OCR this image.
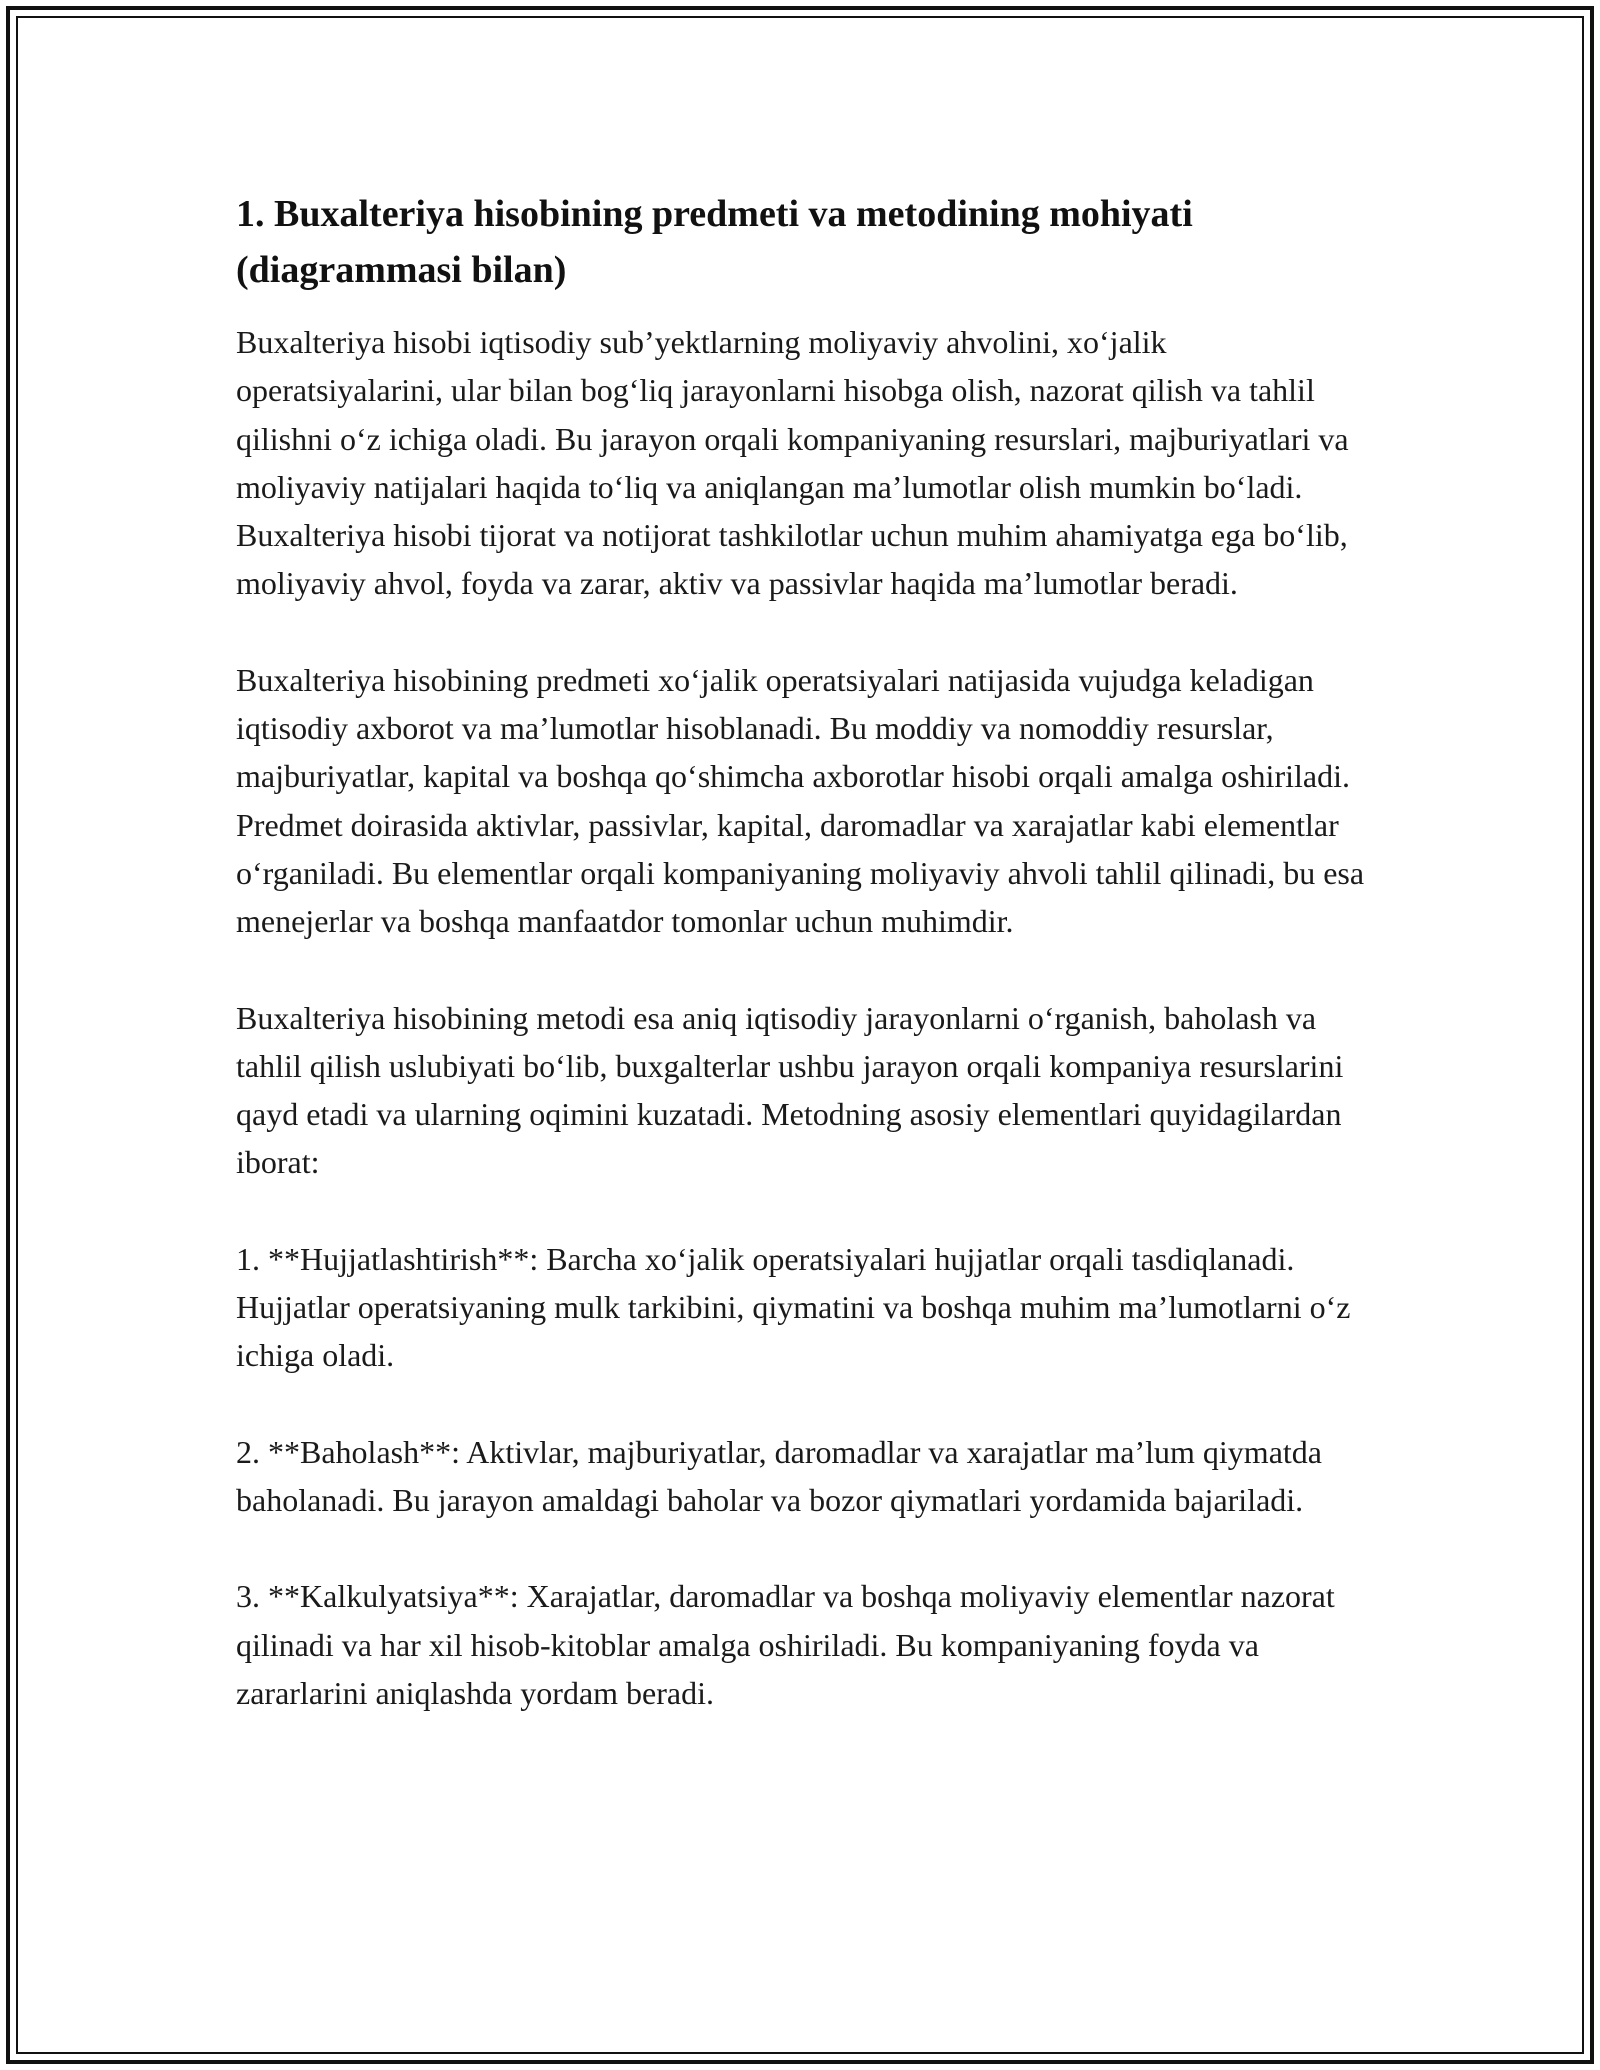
1. Buxalteriya hisobining predmeti va metodining mohiyati (diagrammasi bilan)

Buxalteriya hisobi iqtisodiy sub’yektlarning moliyaviy ahvolini, xo‘jalik operatsiyalarini, ular bilan bog‘liq jarayonlarni hisobga olish, nazorat qilish va tahlil qilishni o‘z ichiga oladi. Bu jarayon orqali kompaniyaning resurslari, majburiyatlari va moliyaviy natijalari haqida to‘liq va aniqlangan ma’lumotlar olish mumkin bo‘ladi. Buxalteriya hisobi tijorat va notijorat tashkilotlar uchun muhim ahamiyatga ega bo‘lib, moliyaviy ahvol, foyda va zarar, aktiv va passivlar haqida ma’lumotlar beradi.

Buxalteriya hisobining predmeti xo‘jalik operatsiyalari natijasida vujudga keladigan iqtisodiy axborot va ma’lumotlar hisoblanadi. Bu moddiy va nomoddiy resurslar, majburiyatlar, kapital va boshqa qo‘shimcha axborotlar hisobi orqali amalga oshiriladi. Predmet doirasida aktivlar, passivlar, kapital, daromadlar va xarajatlar kabi elementlar o‘rganiladi. Bu elementlar orqali kompaniyaning moliyaviy ahvoli tahlil qilinadi, bu esa menejerlar va boshqa manfaatdor tomonlar uchun muhimdir.

Buxalteriya hisobining metodi esa aniq iqtisodiy jarayonlarni o‘rganish, baholash va tahlil qilish uslubiyati bo‘lib, buxgalterlar ushbu jarayon orqali kompaniya resurslarini qayd etadi va ularning oqimini kuzatadi. Metodning asosiy elementlari quyidagilardan iborat:

1. **Hujjatlashtirish**: Barcha xo‘jalik operatsiyalari hujjatlar orqali tasdiqlanadi. Hujjatlar operatsiyaning mulk tarkibini, qiymatini va boshqa muhim ma’lumotlarni o‘z ichiga oladi.

2. **Baholash**: Aktivlar, majburiyatlar, daromadlar va xarajatlar ma’lum qiymatda baholanadi. Bu jarayon amaldagi baholar va bozor qiymatlari yordamida bajariladi.

3. **Kalkulyatsiya**: Xarajatlar, daromadlar va boshqa moliyaviy elementlar nazorat qilinadi va har xil hisob-kitoblar amalga oshiriladi. Bu kompaniyaning foyda va zararlarini aniqlashda yordam beradi.
